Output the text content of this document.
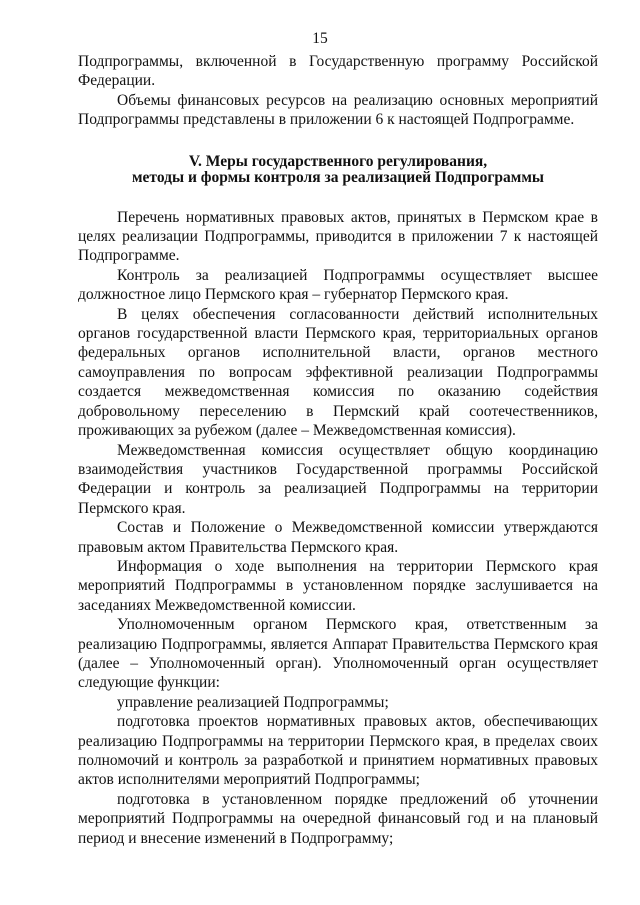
15

Подпрограммы, включенной в Государственную программу Российской Федерации.

Объемы финансовых ресурсов на реализацию основных мероприятий Подпрограммы представлены в приложении 6 к настоящей Подпрограмме.

V. Меры государственного регулирования,
методы и формы контроля за реализацией Подпрограммы

Перечень нормативных правовых актов, принятых в Пермском крае в целях реализации Подпрограммы, приводится в приложении 7 к настоящей Подпрограмме.

Контроль за реализацией Подпрограммы осуществляет высшее должностное лицо Пермского края – губернатор Пермского края.

В целях обеспечения согласованности действий исполнительных органов государственной власти Пермского края, территориальных органов федеральных органов исполнительной власти, органов местного самоуправления по вопросам эффективной реализации Подпрограммы создается межведомственная комиссия по оказанию содействия добровольному переселению в Пермский край соотечественников, проживающих за рубежом (далее – Межведомственная комиссия).

Межведомственная комиссия осуществляет общую координацию взаимодействия участников Государственной программы Российской Федерации и контроль за реализацией Подпрограммы на территории Пермского края.

Состав и Положение о Межведомственной комиссии утверждаются правовым актом Правительства Пермского края.

Информация о ходе выполнения на территории Пермского края мероприятий Подпрограммы в установленном порядке заслушивается на заседаниях Межведомственной комиссии.

Уполномоченным органом Пермского края, ответственным за реализацию Подпрограммы, является Аппарат Правительства Пермского края (далее – Уполномоченный орган). Уполномоченный орган осуществляет следующие функции:

управление реализацией Подпрограммы;

подготовка проектов нормативных правовых актов, обеспечивающих реализацию Подпрограммы на территории Пермского края, в пределах своих полномочий и контроль за разработкой и принятием нормативных правовых актов исполнителями мероприятий Подпрограммы;

подготовка в установленном порядке предложений об уточнении мероприятий Подпрограммы на очередной финансовый год и на плановый период и внесение изменений в Подпрограмму;
